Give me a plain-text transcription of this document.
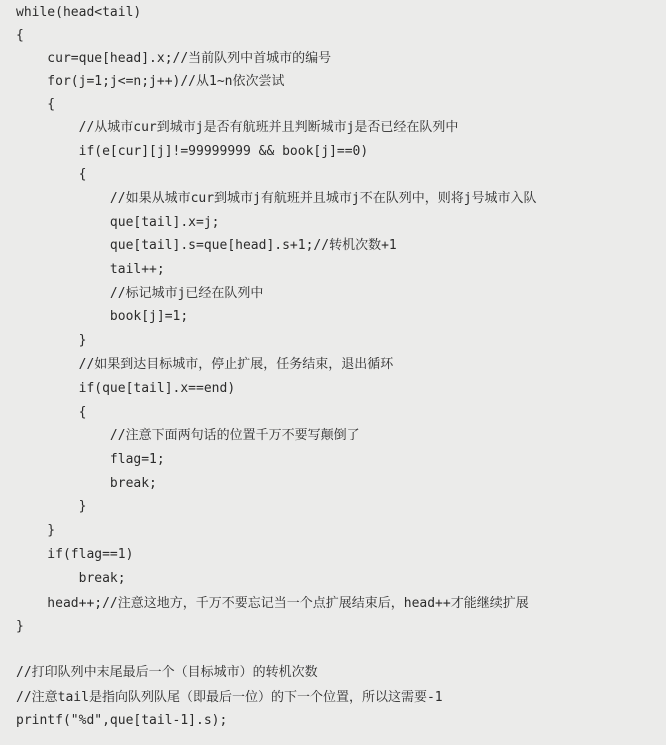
while(head<tail)
{
cur=que[head].x;//当前队列中首城市的编号
for(j=1;j<=n;j++)//从1~n依次尝试
{
//从城市cur到城市j是否有航班并且判断城市j是否已经在队列中
if(e[cur][j]!=99999999 && book[j]==0)
{
//如果从城市cur到城市j有航班并且城市j不在队列中，则将j号城市入队
que[tail].x=j;
que[tail].s=que[head].s+1;//转机次数+1
tail++;
//标记城市j已经在队列中
book[j]=1;
}
//如果到达目标城市，停止扩展，任务结束，退出循环
if(que[tail].x==end)
{
//注意下面两句话的位置千万不要写颠倒了
flag=1;
break;
}
}
if(flag==1)
break;
head++;//注意这地方，千万不要忘记当一个点扩展结束后，head++才能继续扩展
}
//打印队列中末尾最后一个（目标城市）的转机次数
//注意tail是指向队列队尾（即最后一位）的下一个位置，所以这需要-1
printf("%d",que[tail-1].s);
